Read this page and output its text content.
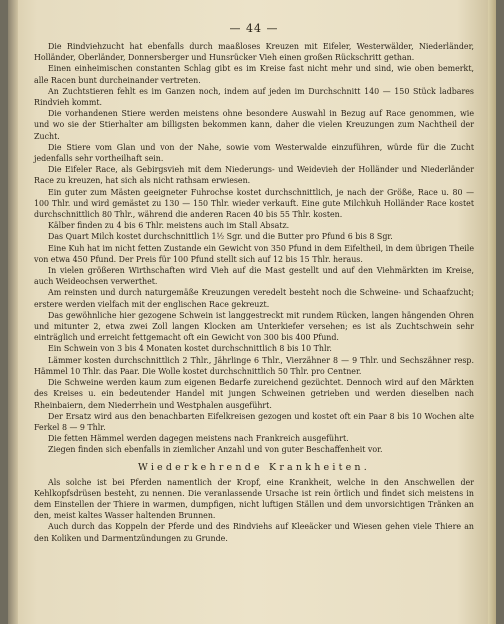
— 44 —

Die Rindviehzucht hat ebenfalls durch maaßloses Kreuzen mit Eifeler, Westerwälder, Niederländer, Holländer, Oberländer, Donnersberger und Hunsrücker Vieh einen großen Rückschritt gethan.

Einen einheimischen constanten Schlag gibt es im Kreise fast nicht mehr und sind, wie oben bemerkt, alle Racen bunt durcheinander vertreten.

An Zuchtstieren fehlt es im Ganzen noch, indem auf jeden im Durchschnitt 140 — 150 Stück ladbares Rindvieh kommt.

Die vorhandenen Stiere werden meistens ohne besondere Auswahl in Bezug auf Race genommen, wie und wo sie der Stierhalter am billigsten bekommen kann, daher die vielen Kreuzungen zum Nachtheil der Zucht.

Die Stiere vom Glan und von der Nahe, sowie vom Westerwalde einzuführen, würde für die Zucht jedenfalls sehr vortheilhaft sein.

Die Eifeler Race, als Gebirgsvieh mit dem Niederungs- und Weidevieh der Holländer und Niederländer Race zu kreuzen, hat sich als nicht rathsam erwiesen.

Ein guter zum Mästen geeigneter Fuhrochse kostet durchschnittlich, je nach der Größe, Race u. 80 — 100 Thlr. und wird gemästet zu 130 — 150 Thlr. wieder verkauft. Eine gute Milchkuh Holländer Race kostet durchschnittlich 80 Thlr., während die anderen Racen 40 bis 55 Thlr. kosten.

Kälber finden zu 4 bis 6 Thlr. meistens auch im Stall Absatz.

Das Quart Milch kostet durchschnittlich 1½ Sgr. und die Butter pro Pfund 6 bis 8 Sgr.

Eine Kuh hat im nicht fetten Zustande ein Gewicht von 350 Pfund in dem Eifeltheil, in dem übrigen Theile von etwa 450 Pfund. Der Preis für 100 Pfund stellt sich auf 12 bis 15 Thlr. heraus.

In vielen größeren Wirthschaften wird Vieh auf die Mast gestellt und auf den Viehmärkten im Kreise, auch Weideochsen verwerthet.

Am reinsten und durch naturgemäße Kreuzungen veredelt besteht noch die Schweine- und Schaafzucht; erstere werden vielfach mit der englischen Race gekreuzt.

Das gewöhnliche hier gezogene Schwein ist langgestreckt mit rundem Rücken, langen hängenden Ohren und mitunter 2, etwa zwei Zoll langen Klocken am Unterkiefer versehen; es ist als Zuchtschwein sehr einträglich und erreicht fettgemacht oft ein Gewicht von 300 bis 400 Pfund.

Ein Schwein von 3 bis 4 Monaten kostet durchschnittlich 8 bis 10 Thlr.

Lämmer kosten durchschnittlich 2 Thlr., Jährlinge 6 Thlr., Vierzähner 8 — 9 Thlr. und Sechszähner resp. Hämmel 10 Thlr. das Paar. Die Wolle kostet durchschnittlich 50 Thlr. pro Centner.

Die Schweine werden kaum zum eigenen Bedarfe zureichend gezüchtet. Dennoch wird auf den Märkten des Kreises u. ein bedeutender Handel mit jungen Schweinen getrieben und werden dieselben nach Rheinbaiern, dem Niederrhein und Westphalen ausgeführt.

Der Ersatz wird aus den benachbarten Eifelkreisen gezogen und kostet oft ein Paar 8 bis 10 Wochen alte Ferkel 8 — 9 Thlr.

Die fetten Hämmel werden dagegen meistens nach Frankreich ausgeführt.

Ziegen finden sich ebenfalls in ziemlicher Anzahl und von guter Beschaffenheit vor.

Wiederkehrende Krankheiten.

Als solche ist bei Pferden namentlich der Kropf, eine Krankheit, welche in den Anschwellen der Kehlkopfsdrüsen besteht, zu nennen. Die veranlassende Ursache ist rein örtlich und findet sich meistens in dem Einstellen der Thiere in warmen, dumpfigen, nicht luftigen Ställen und dem unvorsichtigen Tränken an den, meist kaltes Wasser haltenden Brunnen.

Auch durch das Koppeln der Pferde und des Rindviehs auf Kleeäcker und Wiesen gehen viele Thiere an den Koliken und Darmentzündungen zu Grunde.
